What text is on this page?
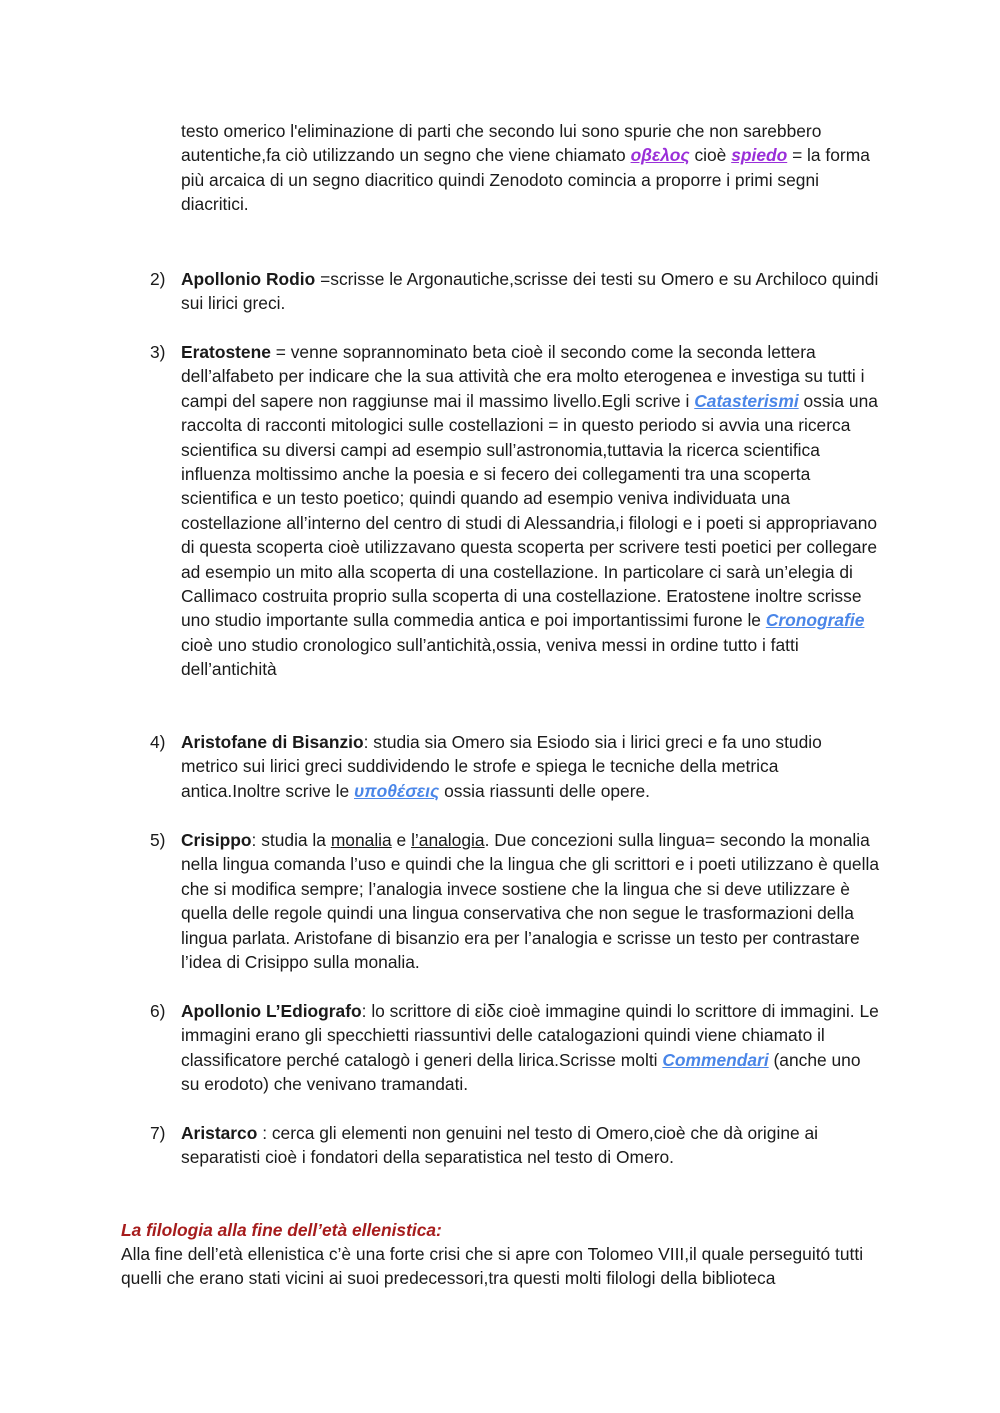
testo omerico l'eliminazione di parti che secondo lui sono spurie che non sarebbero autentiche,fa ciò utilizzando un segno che viene chiamato οβελος cioè spiedo = la forma più arcaica di un segno diacritico quindi Zenodoto comincia a proporre i primi segni diacritici.
2) Apollonio Rodio =scrisse le Argonautiche,scrisse dei testi su Omero e su Archiloco quindi sui lirici greci.
3) Eratostene = venne soprannominato beta cioè il secondo come la seconda lettera dell’alfabeto per indicare che la sua attività che era molto eterogenea e investiga su tutti i campi del sapere non raggiunse mai il massimo livello.Egli scrive i Catasterismi ossia una raccolta di racconti mitologici sulle costellazioni = in questo periodo si avvia una ricerca scientifica su diversi campi ad esempio sull’astronomia,tuttavia la ricerca scientifica influenza moltissimo anche la poesia e si fecero dei collegamenti tra una scoperta scientifica e un testo poetico; quindi quando ad esempio veniva individuata una costellazione all’interno del centro di studi di Alessandria,i filologi e i poeti si appropriavano di questa scoperta cioè utilizzavano questa scoperta per scrivere testi poetici per collegare ad esempio un mito alla scoperta di una costellazione. In particolare ci sarà un’elegia di Callimaco costruita proprio sulla scoperta di una costellazione. Eratostene inoltre scrisse uno studio importante sulla commedia antica e poi importantissimi furone le Cronografie cioè uno studio cronologico sull’antichità,ossia, veniva messi in ordine tutto i fatti dell’antichità
4) Aristofane di Bisanzio: studia sia Omero sia Esiodo sia i lirici greci e fa uno studio metrico sui lirici greci suddividendo le strofe e spiega le tecniche della metrica antica.Inoltre scrive le υποθέσεις ossia riassunti delle opere.
5) Crisippo: studia la monalia e l’analogia. Due concezioni sulla lingua= secondo la monalia nella lingua comanda l’uso e quindi che la lingua che gli scrittori e i poeti utilizzano è quella che si modifica sempre; l’analogia invece sostiene che la lingua che si deve utilizzare è quella delle regole quindi una lingua conservativa che non segue le trasformazioni della lingua parlata. Aristofane di bisanzio era per l’analogia e scrisse un testo per contrastare l’idea di Crisippo sulla monalia.
6) Apollonio L’Ediografo: lo scrittore di εἰδε cioè immagine quindi lo scrittore di immagini. Le immagini erano gli specchietti riassuntivi delle catalogazioni quindi viene chiamato il classificatore perché catalogò i generi della lirica.Scrisse molti Commendari (anche uno su erodoto) che venivano tramandati.
7) Aristarco : cerca gli elementi non genuini nel testo di Omero,cioè che dà origine ai separatisti cioè i fondatori della separatistica nel testo di Omero.
La filologia alla fine dell’età ellenistica:
Alla fine dell’età ellenistica c’è una forte crisi che si apre con Tolomeo VIII,il quale perseguitó tutti quelli che erano stati vicini ai suoi predecessori,tra questi molti filologi della biblioteca
